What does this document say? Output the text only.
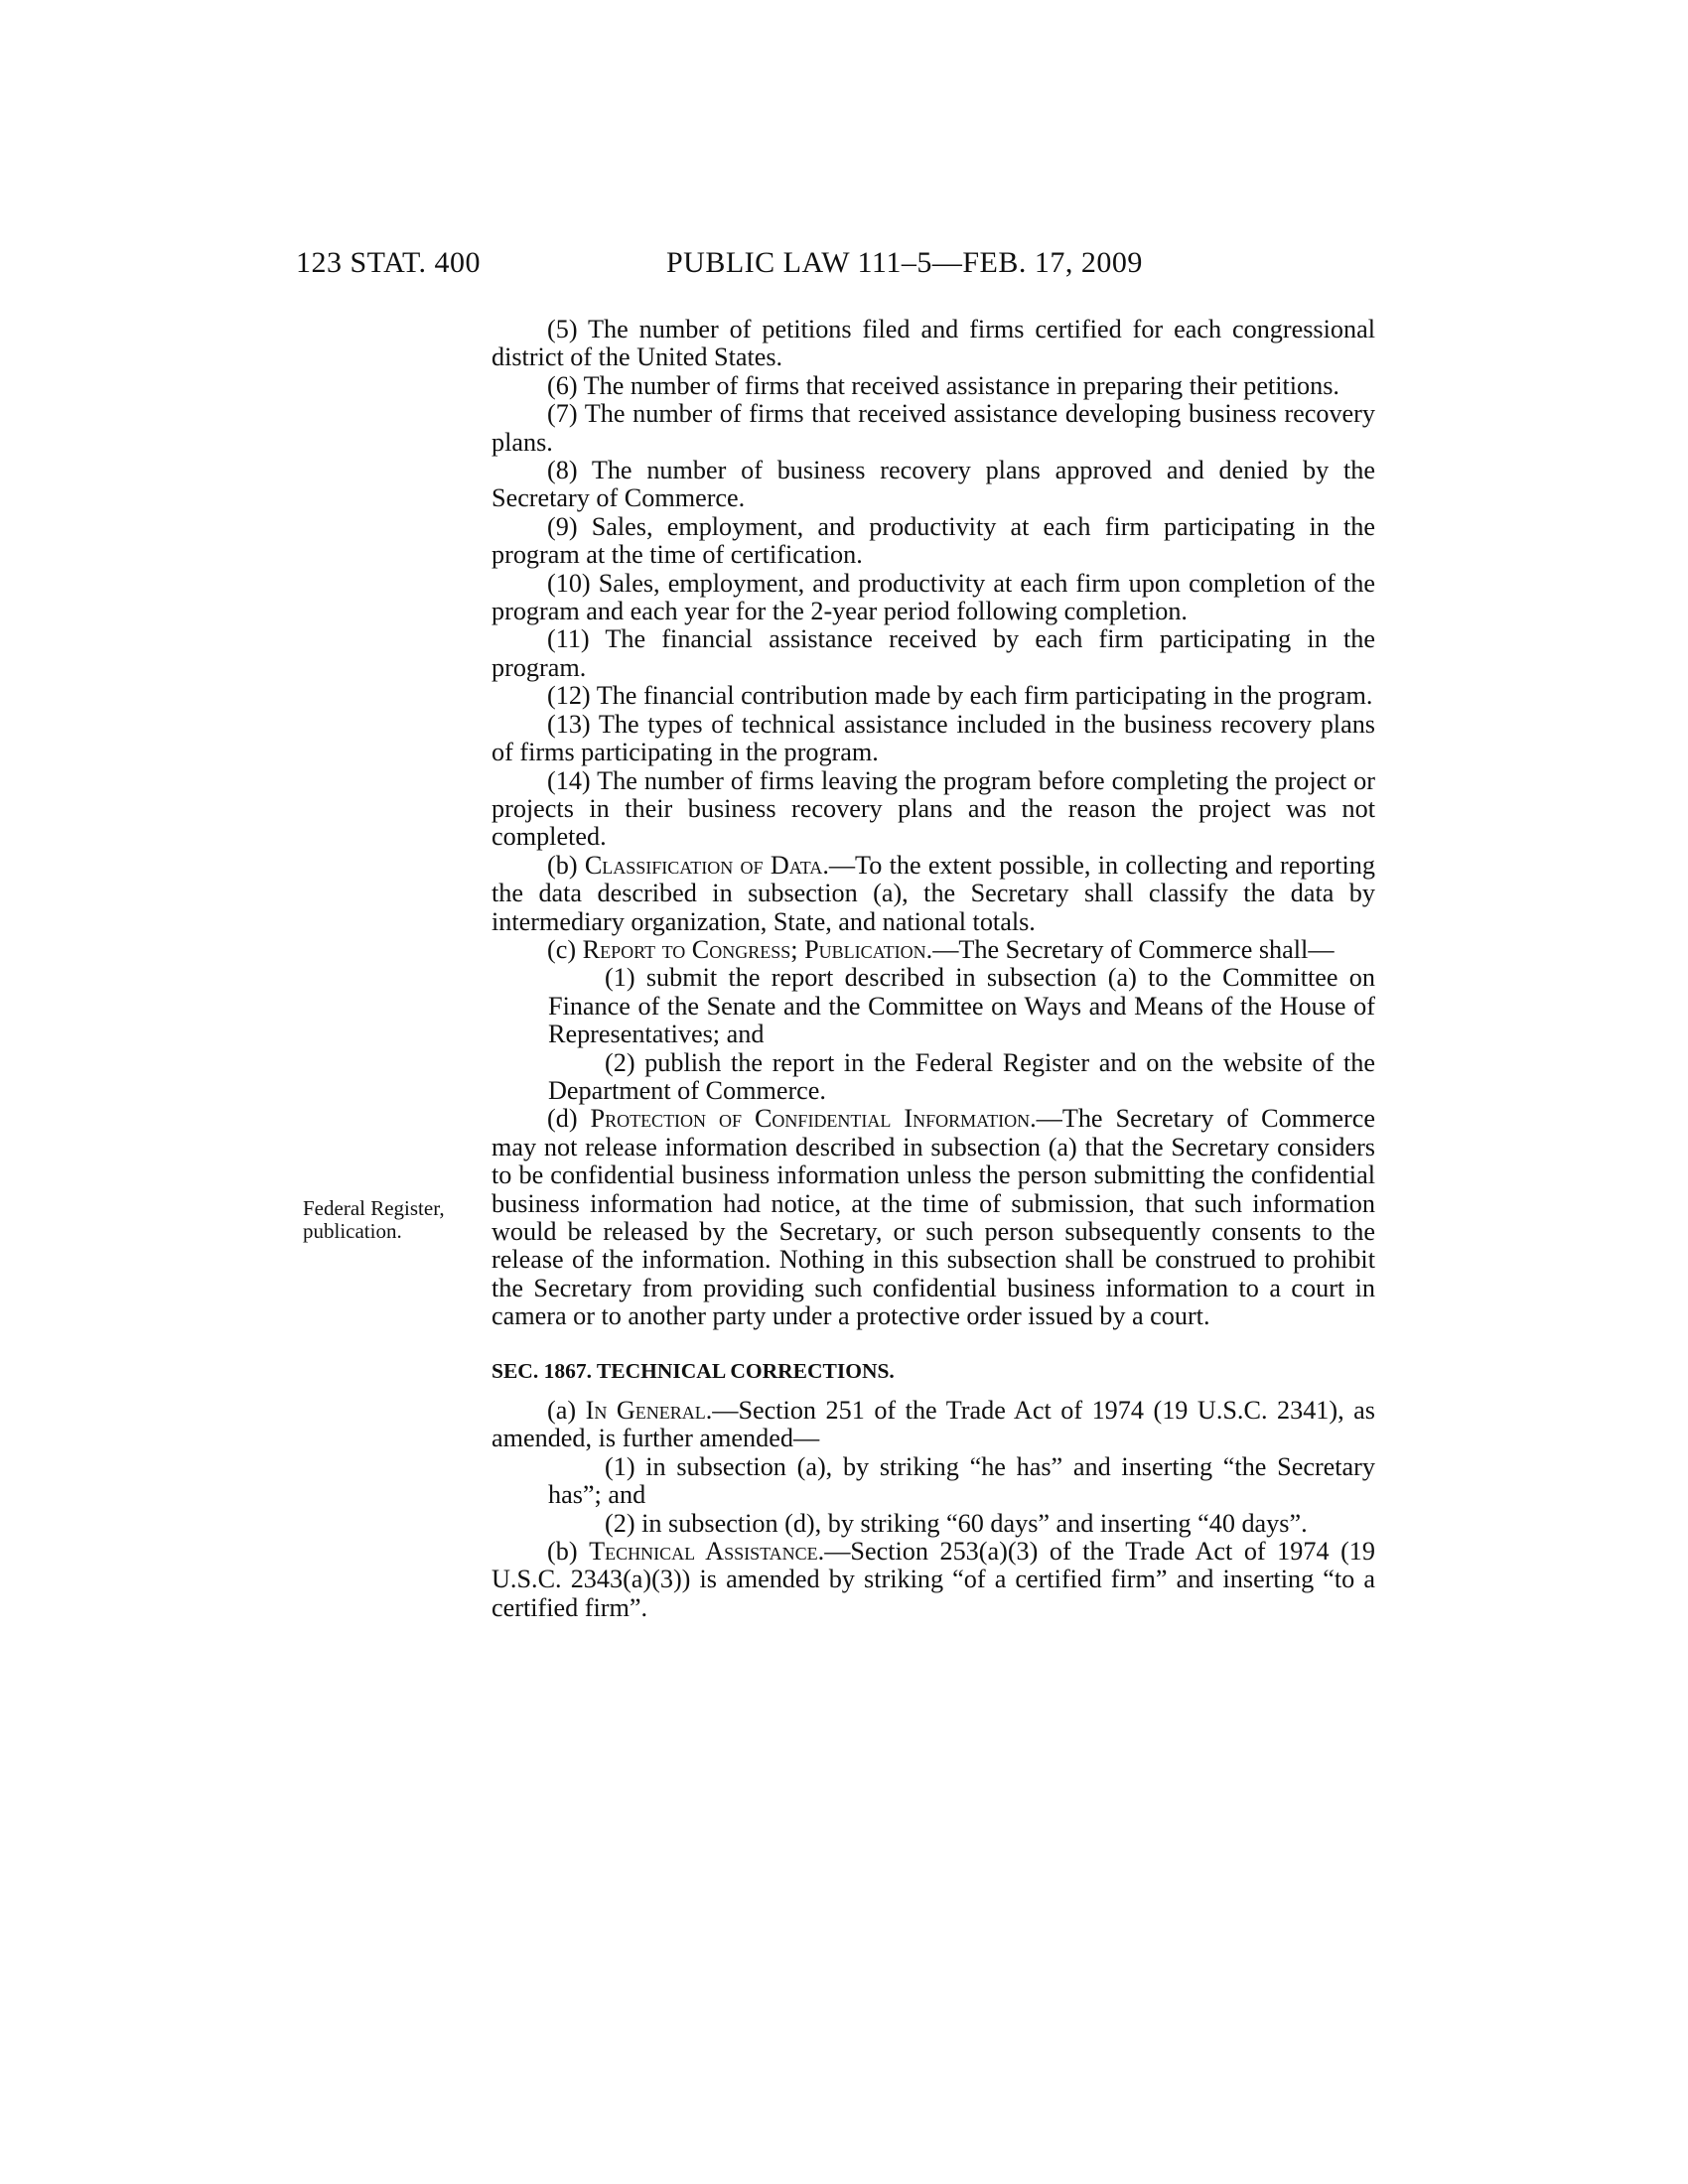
123 STAT. 400	PUBLIC LAW 111–5—FEB. 17, 2009
Federal Register,
publication.

(5) The number of petitions filed and firms certified for each congressional district of the United States.

(6) The number of firms that received assistance in preparing their petitions.

(7) The number of firms that received assistance developing business recovery plans.

(8) The number of business recovery plans approved and denied by the Secretary of Commerce.

(9) Sales, employment, and productivity at each firm participating in the program at the time of certification.

(10) Sales, employment, and productivity at each firm upon completion of the program and each year for the 2-year period following completion.

(11) The financial assistance received by each firm participating in the program.

(12) The financial contribution made by each firm participating in the program.

(13) The types of technical assistance included in the business recovery plans of firms participating in the program.

(14) The number of firms leaving the program before completing the project or projects in their business recovery plans and the reason the project was not completed.

(b) Classification of Data.—To the extent possible, in collecting and reporting the data described in subsection (a), the Secretary shall classify the data by intermediary organization, State, and national totals.

(c) Report to Congress; Publication.—The Secretary of Commerce shall—

(1) submit the report described in subsection (a) to the Committee on Finance of the Senate and the Committee on Ways and Means of the House of Representatives; and

(2) publish the report in the Federal Register and on the website of the Department of Commerce.

(d) Protection of Confidential Information.—The Secretary of Commerce may not release information described in subsection (a) that the Secretary considers to be confidential business information unless the person submitting the confidential business information had notice, at the time of submission, that such information would be released by the Secretary, or such person subsequently consents to the release of the information. Nothing in this subsection shall be construed to prohibit the Secretary from providing such confidential business information to a court in camera or to another party under a protective order issued by a court.

SEC. 1867. TECHNICAL CORRECTIONS.

(a) In General.—Section 251 of the Trade Act of 1974 (19 U.S.C. 2341), as amended, is further amended—

(1) in subsection (a), by striking “he has” and inserting “the Secretary has”; and

(2) in subsection (d), by striking “60 days” and inserting “40 days”.

(b) Technical Assistance.—Section 253(a)(3) of the Trade Act of 1974 (19 U.S.C. 2343(a)(3)) is amended by striking “of a certified firm” and inserting “to a certified firm”.
